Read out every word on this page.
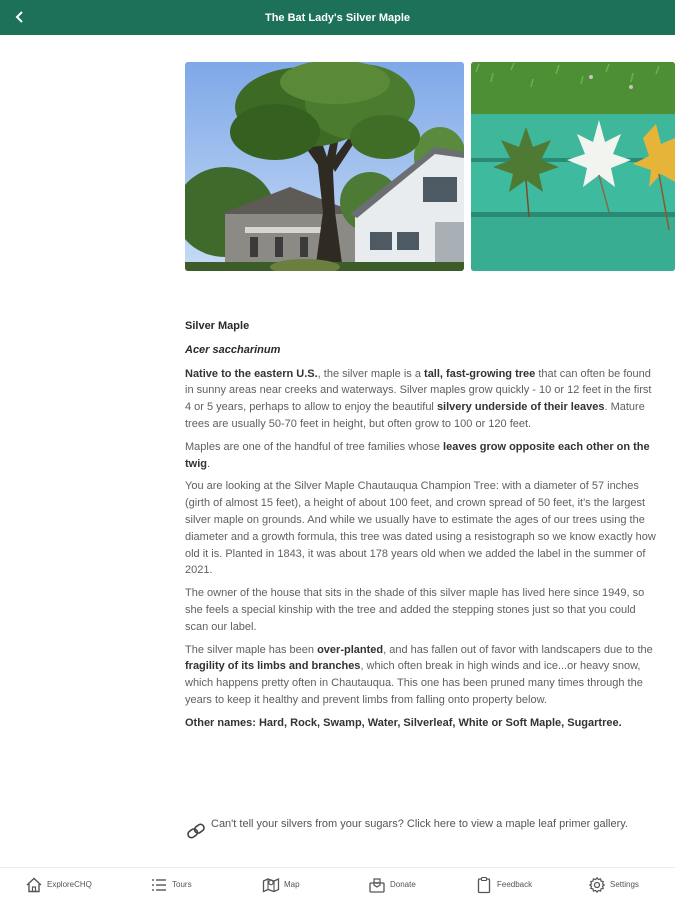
The Bat Lady's Silver Maple

Silver Maple

Acer saccharinum

Native to the eastern U.S., the silver maple is a tall, fast-growing tree that can often be found in sunny areas near creeks and waterways. Silver maples grow quickly - 10 or 12 feet in the first 4 or 5 years, perhaps to allow to enjoy the beautiful silvery underside of their leaves. Mature trees are usually 50-70 feet in height, but often grow to 100 or 120 feet.

Maples are one of the handful of tree families whose leaves grow opposite each other on the twig.

You are looking at the Silver Maple Chautauqua Champion Tree: with a diameter of 57 inches (girth of almost 15 feet), a height of about 100 feet, and crown spread of 50 feet, it's the largest silver maple on grounds. And while we usually have to estimate the ages of our trees using the diameter and a growth formula, this tree was dated using a resistograph so we know exactly how old it is. Planted in 1843, it was about 178 years old when we added the label in the summer of 2021.

The owner of the house that sits in the shade of this silver maple has lived here since 1949, so she feels a special kinship with the tree and added the stepping stones just so that you could scan our label.

The silver maple has been over-planted, and has fallen out of favor with landscapers due to the fragility of its limbs and branches, which often break in high winds and ice...or heavy snow, which happens pretty often in Chautauqua. This one has been pruned many times through the years to keep it healthy and prevent limbs from falling onto property below.

Other names: Hard, Rock, Swamp, Water, Silverleaf, White or Soft Maple, Sugartree.

Can't tell your silvers from your sugars? Click here to view a maple leaf primer gallery.
ExploreCHQ	Tours	Map	Donate	Feedback	Settings
